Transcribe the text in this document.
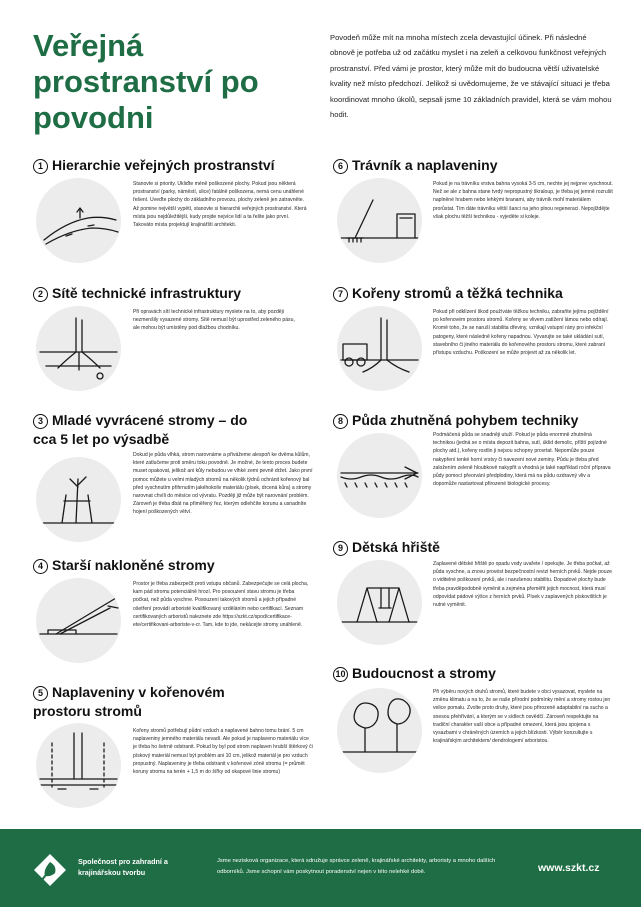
Veřejná prostranství po povodni

Povodeň může mít na mnoha místech zcela devastující účinek. Při následné obnově je potřeba už od začátku myslet i na zeleň a celkovou funkčnost veřejných prostranství. Před vámi je prostor, který může mít do budoucna větší uživatelské kvality než místo předchozí. Jelikož si uvědomujeme, že ve stávající situaci je třeba koordinovat mnoho úkolů, sepsali jsme 10 základních pravidel, která se vám mohou hodit.

1 Hierarchie veřejných prostranství

Stanovte si priority. Ukliďte méně poškozené plochy. Pokud jsou některá prostranství (parky, náměstí, ulice) fatálně poškozena, nemá cenu unáhlené řešení. Uveďte plochy do základního provozu, plochy zeleně jen zatravněte. Až pomine největší vypětí, stanovte si hierarchii veřejných prostranství. Která místa jsou nejdůležitější, kudy projde nejvíce lidí a ta řešte jako první. Takováto místa projektují krajinářští architekti.

2 Sítě technické infrastruktury

Při opravách sítí technické infrastruktury myslete na to, aby později nezmenšily vysazené stromy. Sítě nemusí být uprostřed zeleného pásu, ale mohou být umístěny pod dlažbou chodníku.

3 Mladé vyvrácené stromy – do cca 5 let po výsadbě

Dokud je půda vlhká, strom narovnáme a přivážeme alespoň ke dvěma kůlům, které zatlučeme proti směru toku povodně. Je možné, že tento proces budete muset opakovat, jelikož ani kůly nebudou ve vlhké zemi pevně držet. Jako první pomoc můžete u velmi mladých stromů na několik týdnů ochránit kořenový bal před vyschnutím přihrnutím jakéhokoliv materiálu (písek, drcená kůra) a stromy narovnat chvíli do měsíce od vývratu. Později již může být narovnání problém. Zároveň je třeba dbát na přiměřený řez, kterým odlehčíte korunu a usnadníte hojení poškozených větví.

4 Starší nakloněné stromy

Prostor je třeba zabezpečit proti vstupu občanů. Zabezpečujte se celá plocha, kam pád stromu potenciálně hrozí. Pro posouzení stavu stromu je třeba počkat, než půda vyschne. Posouzení takových stromů a jejich případné ošetření provádí arboristé kvalifikovaný vzděláním nebo certifikací. Seznam certifikovaných arboristů naleznete zde https://szkt.cz/spod/certifikace-ete/certifikovani-arboriste-v-cr. Tam, kde to jde, nekácejte stromy unáhleně.

5 Naplaveniny v kořenovém prostoru stromů

Kořeny stromů potřebují půdní vzduch a naplavené bahno tomu brání. 5 cm naplaveniny jemného materiálu nevadí. Ale pokud je naplaveno materiálu více je třeba ho šetrně odstranit. Pokud by byl pod strom naplaven hrubší štěrkový či pískový materiál nemusí být problém ani 10 cm, jelikož materiál je pro vzduch propustný. Naplaveniny je třeba odstranit v kořenové zóně stromu (= průmět koruny stromu na terén + 1,5 m do šířky od okapové linie stromu)

6 Trávník a naplaveniny

Pokud je na trávníku vrstva bahna vysoká 3-5 cm, nechte jej nejprve vyschnout. Než se ale z bahna stane tvrdý nepropustný škraloup, je třeba jej jemně rozrušit naplněné hrabem nebo lehkými branami, aby trávník mohl materiálem prorůstat. Tím dáte trávníku větší šanci na jeho plnou regeneraci. Nepojíždějte však plochu těžší technikou - vyjeděte si koleje.

7 Kořeny stromů a těžká technika

Pokud při odklízení škod používáte těžkou techniku, zabraňte jejímu pojíždění po kořenovém prostoru stromů. Kořeny se vlivem zatížení lámou nebo odírají. Kromě toho, že se naruší stabilita dřeviny, vznikají vstupní rány pro infekční patogeny, které následně kořeny napadnou. Vyvarujte se také ukládání sutí, stavebního či jiného materiálu do kořenového prostoru stromu, které zabraní přístupu vzduchu. Poškození se může projevit až za několik let.

8 Půda zhutněná pohybem techniky

Podmáčená půda se snadněji utuží. Pokud je půda enormně zhutněná technikou (jedná se o místa depozit bahna, sutí, úklid demolic, příští pojízdné plochy atd.), kořeny rostlin ji nejsou schopny provrtat. Nepomůže pouze nakypření tenké horní vrstvy či navezení nové zeminy. Půdu je třeba před založením zeleně hloubkově nakypřit a vhodná je také například roční příprava půdy pomocí přeorvání předplodiny, která má na půdu ozdravný vliv a dopomůže nastartovat přirozené biologické procesy.

9 Dětská hřiště

Zaplavené dětské hřiště po opadu vody uvařete / opekujte. Je třeba počkat, až půda vyschne, a znovu provést bezpečnostní revizi herních prvků. Nejde pouze o viditelné poškození prvků, ale i narušenou stabilitu. Dopadové plochy bude třeba pravděpodobně vyměnit a zejména přeměřit jejich mocnost, která musí odpovídat pádové výšce z herních prvků. Písek v zaplavených pískovištích je nutné vyměnit.

10 Budoucnost a stromy

Při výběru nových druhů stromů, které budete v obci vysazovat, myslete na změnu klimatu a na to, že se naše přírodní podmínky mění a stromy rostou jen velice pomalu. Zvolte proto druhy, které jsou přirozeně adaptabilní na sucho a snesou přehřívání, a kterým se v sídlech osvědčí. Zároveň respektujte na tradiční charakter vaší obce a případné omezení, která jsou spojena s vysazbami v chráněných územích a jejich blízkosti. Výběr konzultujte s krajinářským architektem/ dendrologem/ arboristou.

Společnost pro zahradní a krajinářskou tvorbu

Jsme nezisková organizace, která sdružuje správce zeleně, krajinářské architekty, arboristy a mnoho dalších odborníků. Jsme schopní vám poskytnout poradenství nejen v této nelehké době.	www.szkt.cz
